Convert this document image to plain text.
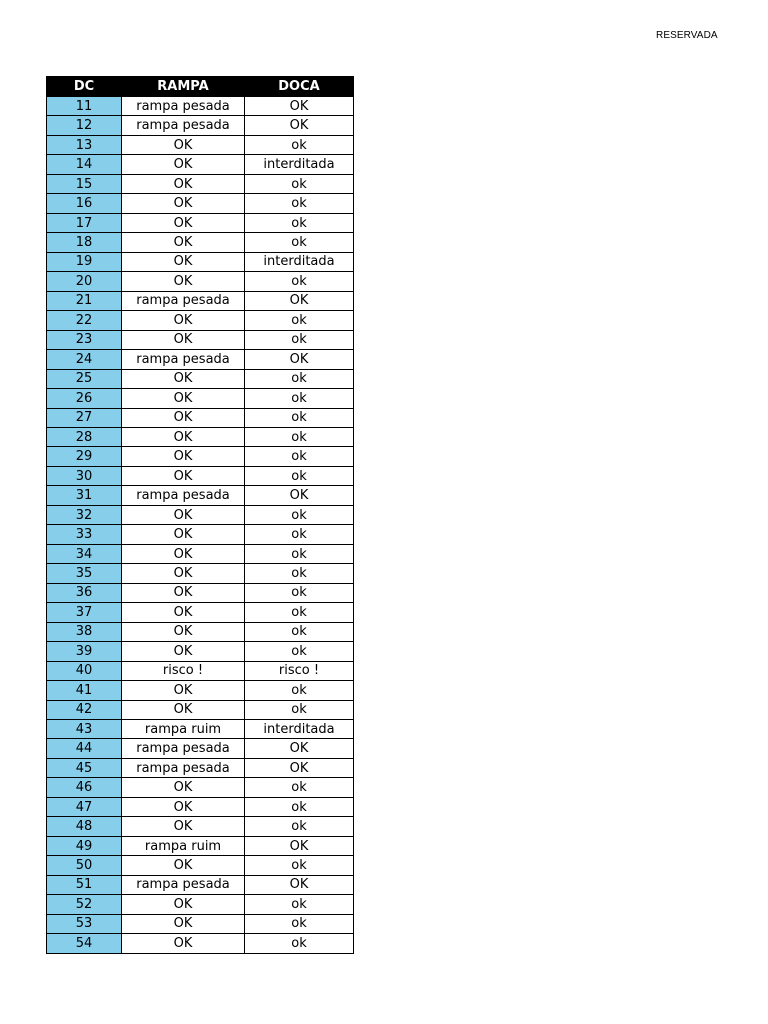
RESERVADA
DC	RAMPA	DOCA
11	rampa pesada	OK
12	rampa pesada	OK
13	OK	ok
14	OK	interditada
15	OK	ok
16	OK	ok
17	OK	ok
18	OK	ok
19	OK	interditada
20	OK	ok
21	rampa pesada	OK
22	OK	ok
23	OK	ok
24	rampa pesada	OK
25	OK	ok
26	OK	ok
27	OK	ok
28	OK	ok
29	OK	ok
30	OK	ok
31	rampa pesada	OK
32	OK	ok
33	OK	ok
34	OK	ok
35	OK	ok
36	OK	ok
37	OK	ok
38	OK	ok
39	OK	ok
40	risco !	risco !
41	OK	ok
42	OK	ok
43	rampa ruim	interditada
44	rampa pesada	OK
45	rampa pesada	OK
46	OK	ok
47	OK	ok
48	OK	ok
49	rampa ruim	OK
50	OK	ok
51	rampa pesada	OK
52	OK	ok
53	OK	ok
54	OK	ok
